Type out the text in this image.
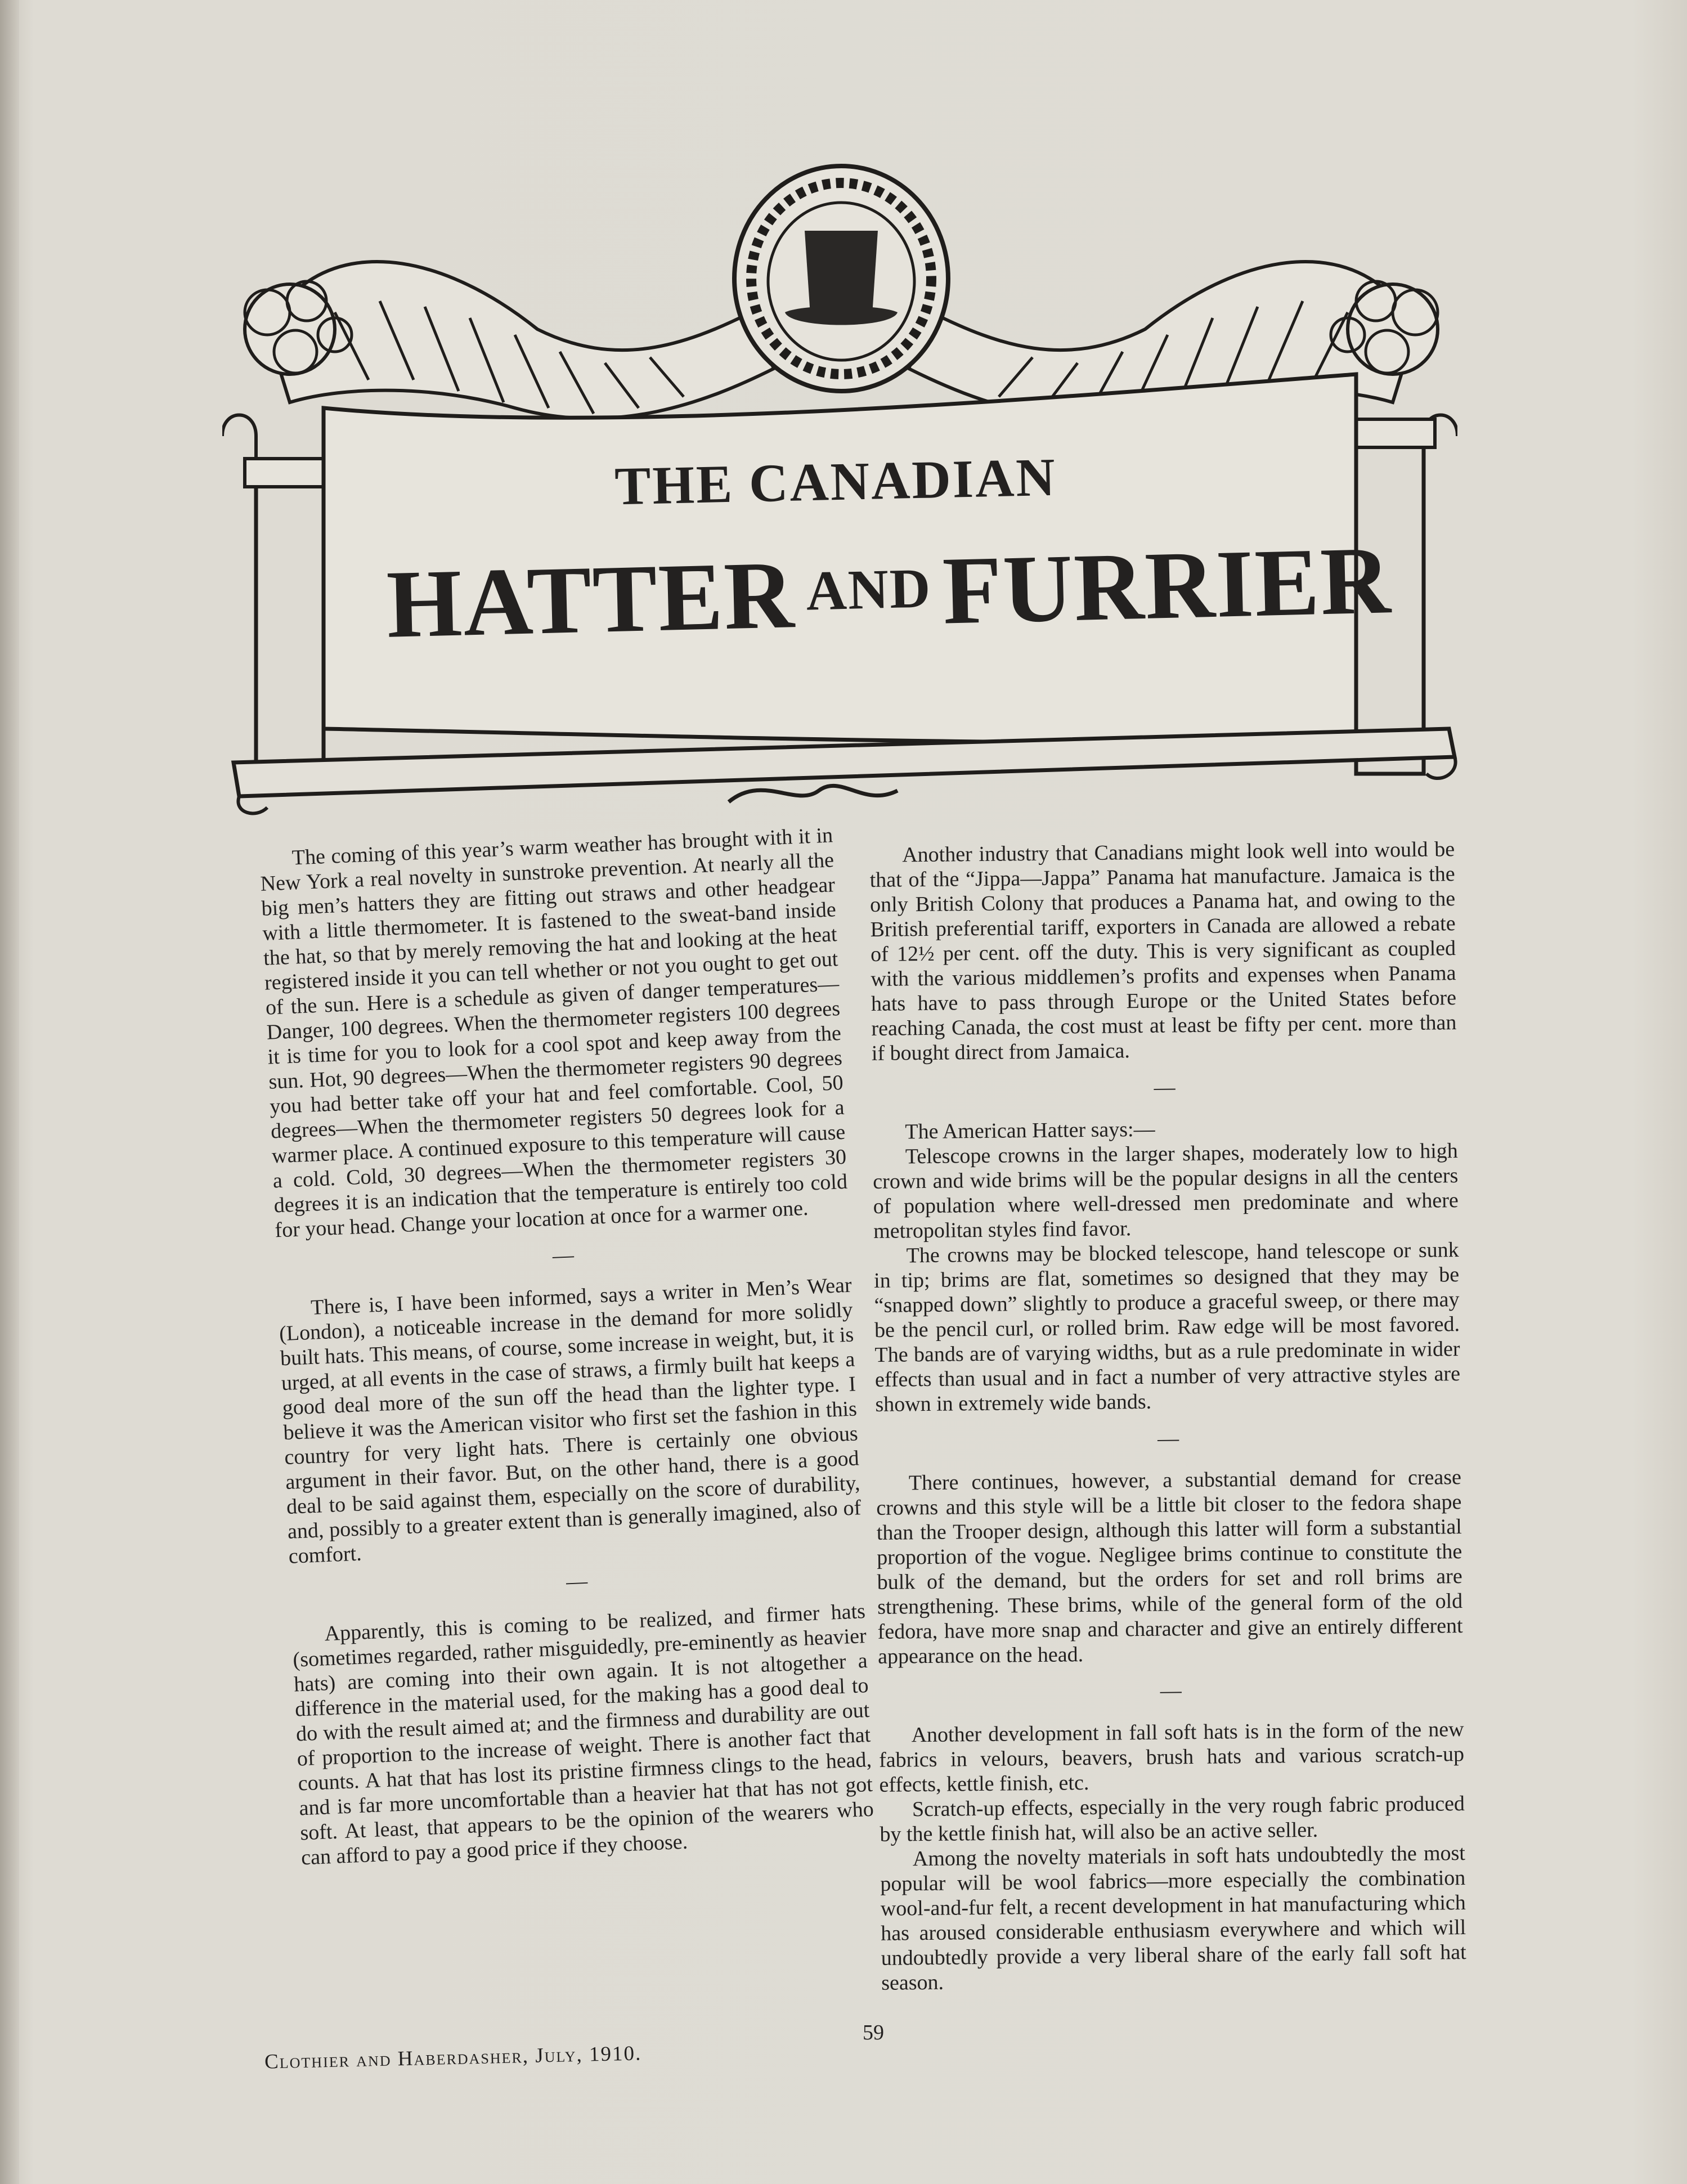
THE CANADIAN
HATTER ANDFURRIER

The coming of this year’s warm weather has brought with it in New York a real novelty in sunstroke prevention. At nearly all the big men’s hatters they are fitting out straws and other headgear with a little thermometer. It is fastened to the sweat-band inside the hat, so that by merely removing the hat and looking at the heat registered inside it you can tell whether or not you ought to get out of the sun. Here is a schedule as given of danger temperatures—Danger, 100 degrees. When the thermometer registers 100 degrees it is time for you to look for a cool spot and keep away from the sun. Hot, 90 degrees—When the thermometer registers 90 degrees you had better take off your hat and feel comfortable. Cool, 50 degrees—When the thermometer registers 50 degrees look for a warmer place. A continued exposure to this temperature will cause a cold. Cold, 30 degrees—When the thermometer registers 30 degrees it is an indication that the temperature is entirely too cold for your head. Change your location at once for a warmer one.

—

There is, I have been informed, says a writer in Men’s Wear (London), a noticeable increase in the demand for more solidly built hats. This means, of course, some increase in weight, but, it is urged, at all events in the case of straws, a firmly built hat keeps a good deal more of the sun off the head than the lighter type. I believe it was the American visitor who first set the fashion in this country for very light hats. There is certainly one obvious argument in their favor. But, on the other hand, there is a good deal to be said against them, especially on the score of durability, and, possibly to a greater extent than is generally imagined, also of comfort.

—

Apparently, this is coming to be realized, and firmer hats (sometimes regarded, rather misguidedly, pre-eminently as heavier hats) are coming into their own again. It is not altogether a difference in the material used, for the making has a good deal to do with the result aimed at; and the firmness and durability are out of proportion to the increase of weight. There is another fact that counts. A hat that has lost its pristine firmness clings to the head, and is far more uncomfortable than a heavier hat that has not got soft. At least, that appears to be the opinion of the wearers who can afford to pay a good price if they choose.

Another industry that Canadians might look well into would be that of the “Jippa—Jappa” Panama hat manufacture. Jamaica is the only British Colony that produces a Panama hat, and owing to the British preferential tariff, exporters in Canada are allowed a rebate of 12½ per cent. off the duty. This is very significant as coupled with the various middlemen’s profits and expenses when Panama hats have to pass through Europe or the United States before reaching Canada, the cost must at least be fifty per cent. more than if bought direct from Jamaica.

—

The American Hatter says:—

Telescope crowns in the larger shapes, moderately low to high crown and wide brims will be the popular designs in all the centers of population where well-dressed men predominate and where metropolitan styles find favor.

The crowns may be blocked telescope, hand telescope or sunk in tip; brims are flat, sometimes so designed that they may be “snapped down” slightly to produce a graceful sweep, or there may be the pencil curl, or rolled brim. Raw edge will be most favored. The bands are of varying widths, but as a rule predominate in wider effects than usual and in fact a number of very attractive styles are shown in extremely wide bands.

—

There continues, however, a substantial demand for crease crowns and this style will be a little bit closer to the fedora shape than the Trooper design, although this latter will form a substantial proportion of the vogue. Negligee brims continue to constitute the bulk of the demand, but the orders for set and roll brims are strengthening. These brims, while of the general form of the old fedora, have more snap and character and give an entirely different appearance on the head.

—

Another development in fall soft hats is in the form of the new fabrics in velours, beavers, brush hats and various scratch-up effects, kettle finish, etc.

Scratch-up effects, especially in the very rough fabric produced by the kettle finish hat, will also be an active seller.

Among the novelty materials in soft hats undoubtedly the most popular will be wool fabrics—more especially the combination wool-and-fur felt, a recent development in hat manufacturing which has aroused considerable enthusiasm everywhere and which will undoubtedly provide a very liberal share of the early fall soft hat season.

59
Clothier and Haberdasher, July, 1910.
